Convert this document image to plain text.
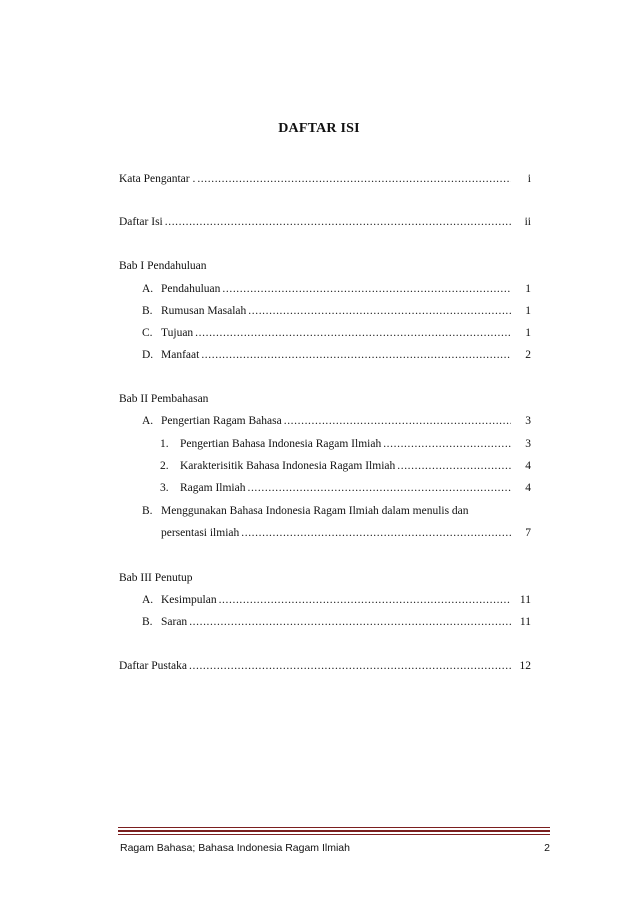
DAFTAR ISI
Kata Pengantar . .....	i
Daftar Isi .....	ii
Bab I Pendahuluan
A. Pendahuluan .....	1
B. Rumusan Masalah .....	1
C. Tujuan .....	1
D. Manfaat .....	2
Bab II Pembahasan
A. Pengertian Ragam Bahasa .....	3
1. Pengertian Bahasa Indonesia Ragam Ilmiah .....	3
2. Karakterisitik Bahasa Indonesia Ragam Ilmiah .....	4
3. Ragam Ilmiah .....	4
B. Menggunakan Bahasa Indonesia Ragam Ilmiah dalam menulis dan
persentasi ilmiah .....	7
Bab III Penutup
A. Kesimpulan .....	11
B. Saran .....	11
Daftar Pustaka .....	12
Ragam Bahasa; Bahasa Indonesia Ragam Ilmiah	2
